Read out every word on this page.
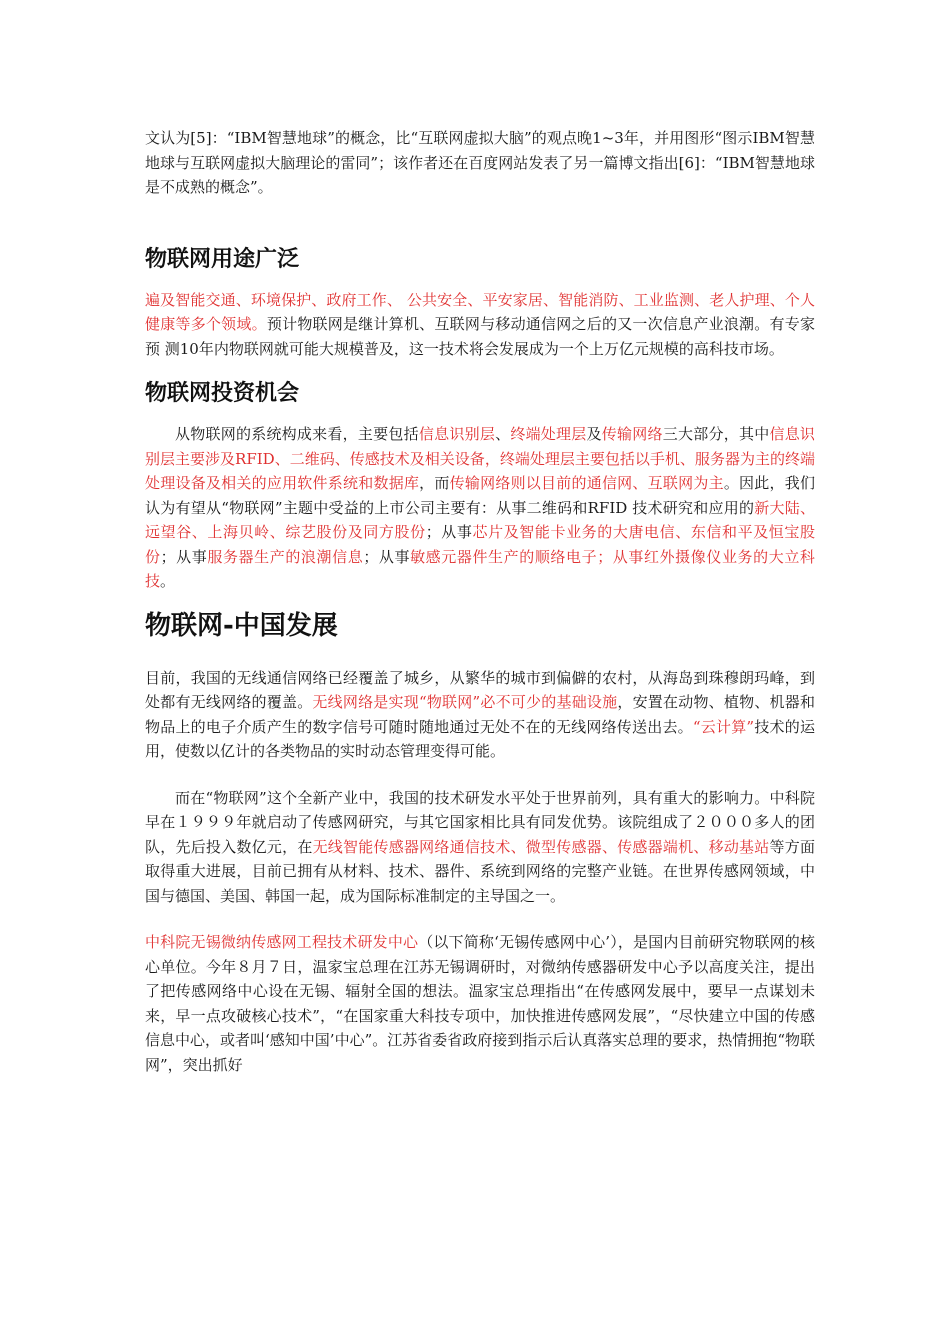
文认为[5]：“IBM智慧地球”的概念，比“互联网虚拟大脑”的观点晚1~3年，并用图形“图示IBM智慧地球与互联网虚拟大脑理论的雷同”；该作者还在百度网站发表了另一篇博文指出[6]：“IBM智慧地球是不成熟的概念”。

物联网用途广泛

遍及智能交通、环境保护、政府工作、 公共安全、平安家居、智能消防、工业监测、老人护理、个人健康等多个领域。预计物联网是继计算机、互联网与移动通信网之后的又一次信息产业浪潮。有专家预 测10年内物联网就可能大规模普及，这一技术将会发展成为一个上万亿元规模的高科技市场。

物联网投资机会

从物联网的系统构成来看，主要包括信息识别层、终端处理层及传输网络三大部分，其中信息识别层主要涉及RFID、二维码、传感技术及相关设备，终端处理层主要包括以手机、服务器为主的终端处理设备及相关的应用软件系统和数据库，而传输网络则以目前的通信网、互联网为主。因此，我们认为有望从“物联网”主题中受益的上市公司主要有：从事二维码和RFID 技术研究和应用的新大陆、远望谷、上海贝岭、综艺股份及同方股份；从事芯片及智能卡业务的大唐电信、东信和平及恒宝股份；从事服务器生产的浪潮信息；从事敏感元器件生产的顺络电子；从事红外摄像仪业务的大立科技。

物联网-中国发展

目前，我国的无线通信网络已经覆盖了城乡，从繁华的城市到偏僻的农村，从海岛到珠穆朗玛峰，到处都有无线网络的覆盖。无线网络是实现“物联网”必不可少的基础设施，安置在动物、植物、机器和物品上的电子介质产生的数字信号可随时随地通过无处不在的无线网络传送出去。“云计算”技术的运用，使数以亿计的各类物品的实时动态管理变得可能。

而在“物联网”这个全新产业中，我国的技术研发水平处于世界前列，具有重大的影响力。中科院早在１９９９年就启动了传感网研究，与其它国家相比具有同发优势。该院组成了２０００多人的团队，先后投入数亿元，在无线智能传感器网络通信技术、微型传感器、传感器端机、移动基站等方面取得重大进展，目前已拥有从材料、技术、器件、系统到网络的完整产业链。在世界传感网领域，中国与德国、美国、韩国一起，成为国际标准制定的主导国之一。

中科院无锡微纳传感网工程技术研发中心（以下简称‘无锡传感网中心’），是国内目前研究物联网的核心单位。今年８月７日，温家宝总理在江苏无锡调研时，对微纳传感器研发中心予以高度关注，提出了把传感网络中心设在无锡、辐射全国的想法。温家宝总理指出“在传感网发展中，要早一点谋划未来，早一点攻破核心技术”，“在国家重大科技专项中，加快推进传感网发展”，“尽快建立中国的传感信息中心，或者叫‘感知中国’中心”。江苏省委省政府接到指示后认真落实总理的要求，热情拥抱“物联网”，突出抓好
